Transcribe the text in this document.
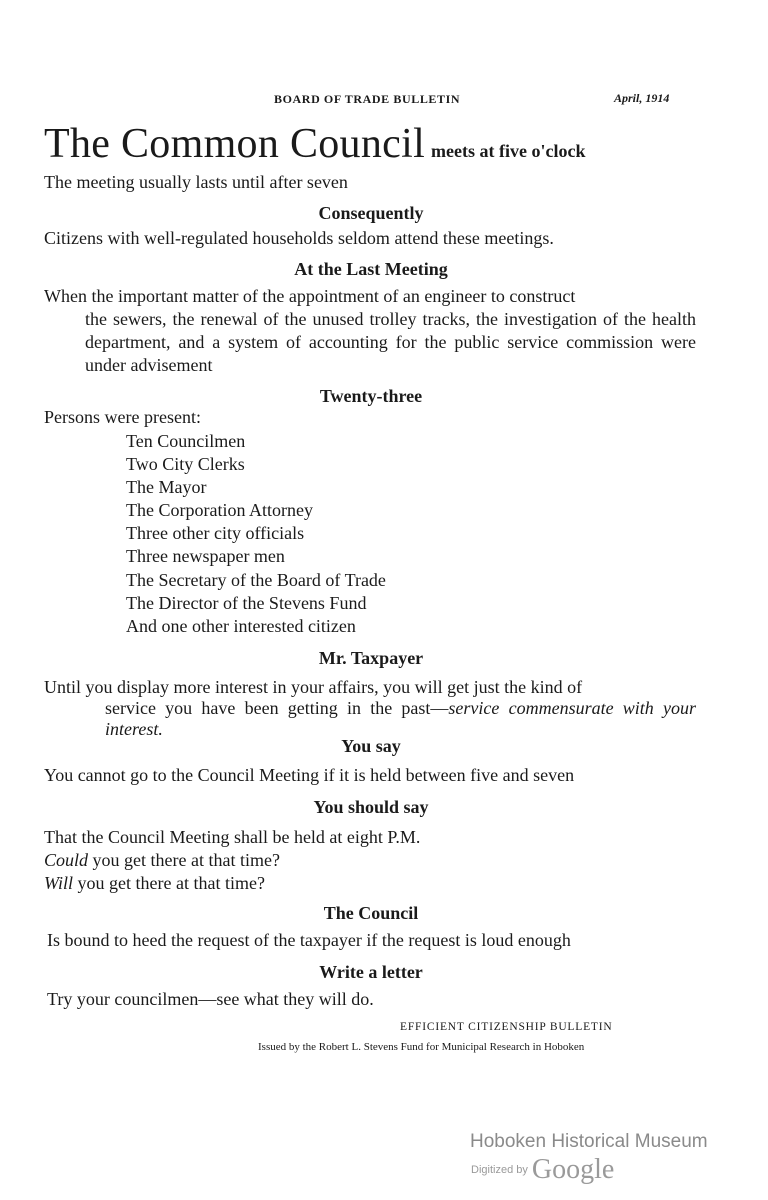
BOARD OF TRADE BULLETIN	April, 1914
The Common Council meets at five o'clock
The meeting usually lasts until after seven
Consequently
Citizens with well-regulated households seldom attend these meetings.
At the Last Meeting
When the important matter of the appointment of an engineer to construct
the sewers, the renewal of the unused trolley tracks, the investigation of the health department, and a system of accounting for the public service commission were under advisement
Twenty-three
Persons were present:
Ten Councilmen
Two City Clerks
The Mayor
The Corporation Attorney
Three other city officials
Three newspaper men
The Secretary of the Board of Trade
The Director of the Stevens Fund
And one other interested citizen
Mr. Taxpayer
Until you display more interest in your affairs, you will get just the kind of
service you have been getting in the past—service commensurate with your interest.
You say
You cannot go to the Council Meeting if it is held between five and seven
You should say
That the Council Meeting shall be held at eight P.M.
Could you get there at that time?
Will you get there at that time?
The Council
Is bound to heed the request of the taxpayer if the request is loud enough
Write a letter
Try your councilmen—see what they will do.
EFFICIENT CITIZENSHIP BULLETIN
Issued by the Robert L. Stevens Fund for Municipal Research in Hoboken
Hoboken Historical Museum
Digitized by Google
